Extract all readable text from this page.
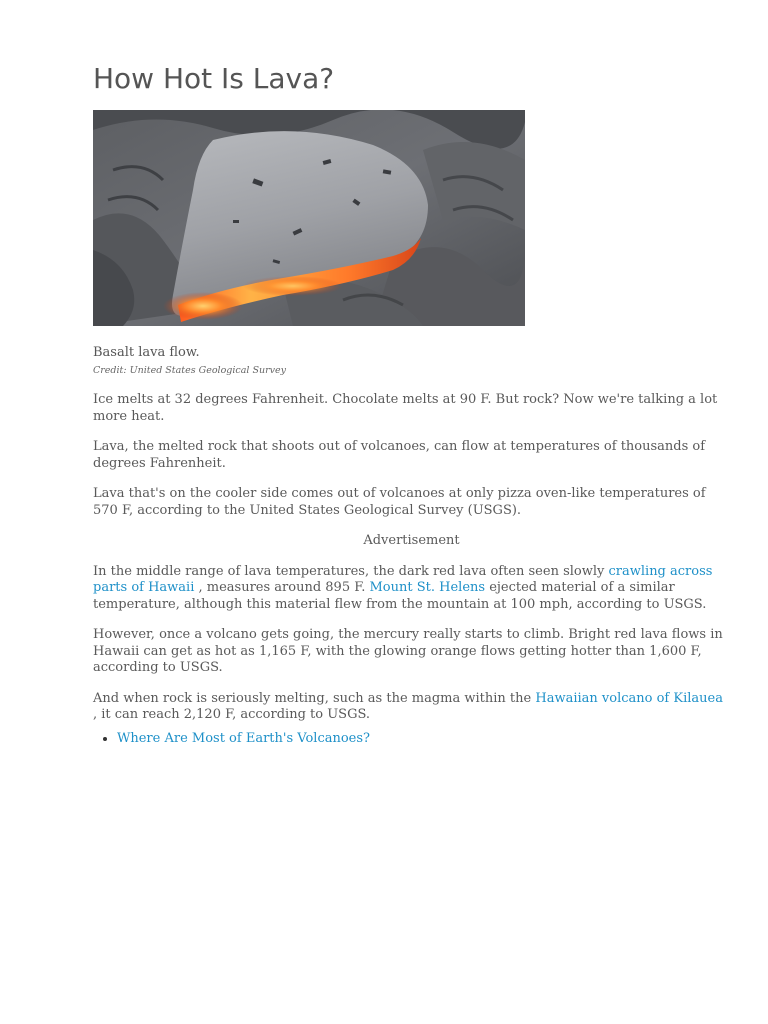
How Hot Is Lava?

Basalt lava flow.

Credit: United States Geological Survey

Ice melts at 32 degrees Fahrenheit. Chocolate melts at 90 F. But rock? Now we're talking a lot more heat.

Lava, the melted rock that shoots out of volcanoes, can flow at temperatures of thousands of degrees Fahrenheit.

Lava that's on the cooler side comes out of volcanoes at only pizza oven-like temperatures of 570 F, according to the United States Geological Survey (USGS).

Advertisement

In the middle range of lava temperatures, the dark red lava often seen slowly crawling across parts of Hawaii , measures around 895 F. Mount St. Helens ejected material of a similar temperature, although this material flew from the mountain at 100 mph, according to USGS.

However, once a volcano gets going, the mercury really starts to climb. Bright red lava flows in Hawaii can get as hot as 1,165 F, with the glowing orange flows getting hotter than 1,600 F, according to USGS.

And when rock is seriously melting, such as the magma within the Hawaiian volcano of Kilauea , it can reach 2,120 F, according to USGS.

• Where Are Most of Earth's Volcanoes?
